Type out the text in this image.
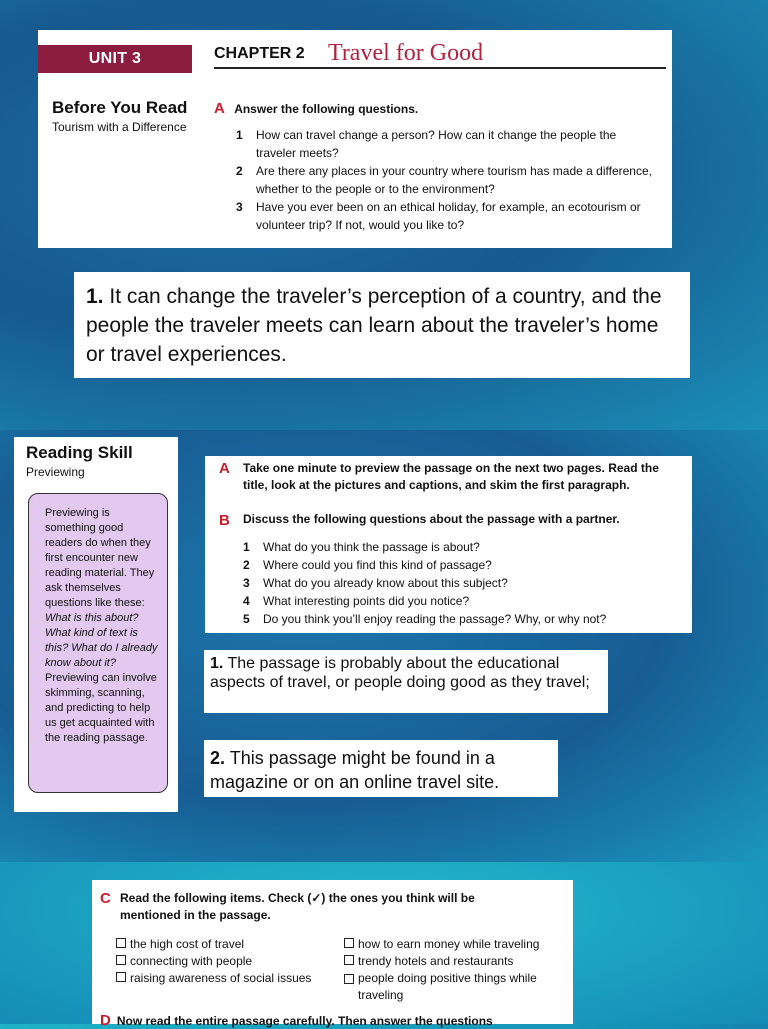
UNIT 3	CHAPTER 2 Travel for Good
Before You Read
Tourism with a Difference
A Answer the following questions.
1	How can travel change a person? How can it change the people the traveler meets?
2	Are there any places in your country where tourism has made a difference, whether to the people or to the environment?
3	Have you ever been on an ethical holiday, for example, an ecotourism or volunteer trip? If not, would you like to?
1. It can change the traveler’s perception of a country, and the people the traveler meets can learn about the traveler’s home or travel experiences.
Reading Skill
Previewing
Previewing is something good readers do when they first encounter new reading material. They ask themselves questions like these: What is this about? What kind of text is this? What do I already know about it? Previewing can involve skimming, scanning, and predicting to help us get acquainted with the reading passage.
A	Take one minute to preview the passage on the next two pages. Read the title, look at the pictures and captions, and skim the first paragraph.
B	Discuss the following questions about the passage with a partner.
1	What do you think the passage is about?
2	Where could you find this kind of passage?
3	What do you already know about this subject?
4	What interesting points did you notice?
5	Do you think you’ll enjoy reading the passage? Why, or why not?
1. The passage is probably about the educational aspects of travel, or people doing good as they travel;
2. This passage might be found in a magazine or on an online travel site.
C Read the following items. Check (✓) the ones you think will be mentioned in the passage.
the high cost of travel
connecting with people
raising awareness of social issues
how to earn money while traveling
trendy hotels and restaurants
people doing positive things while traveling
D Now read the entire passage carefully. Then answer the questions
